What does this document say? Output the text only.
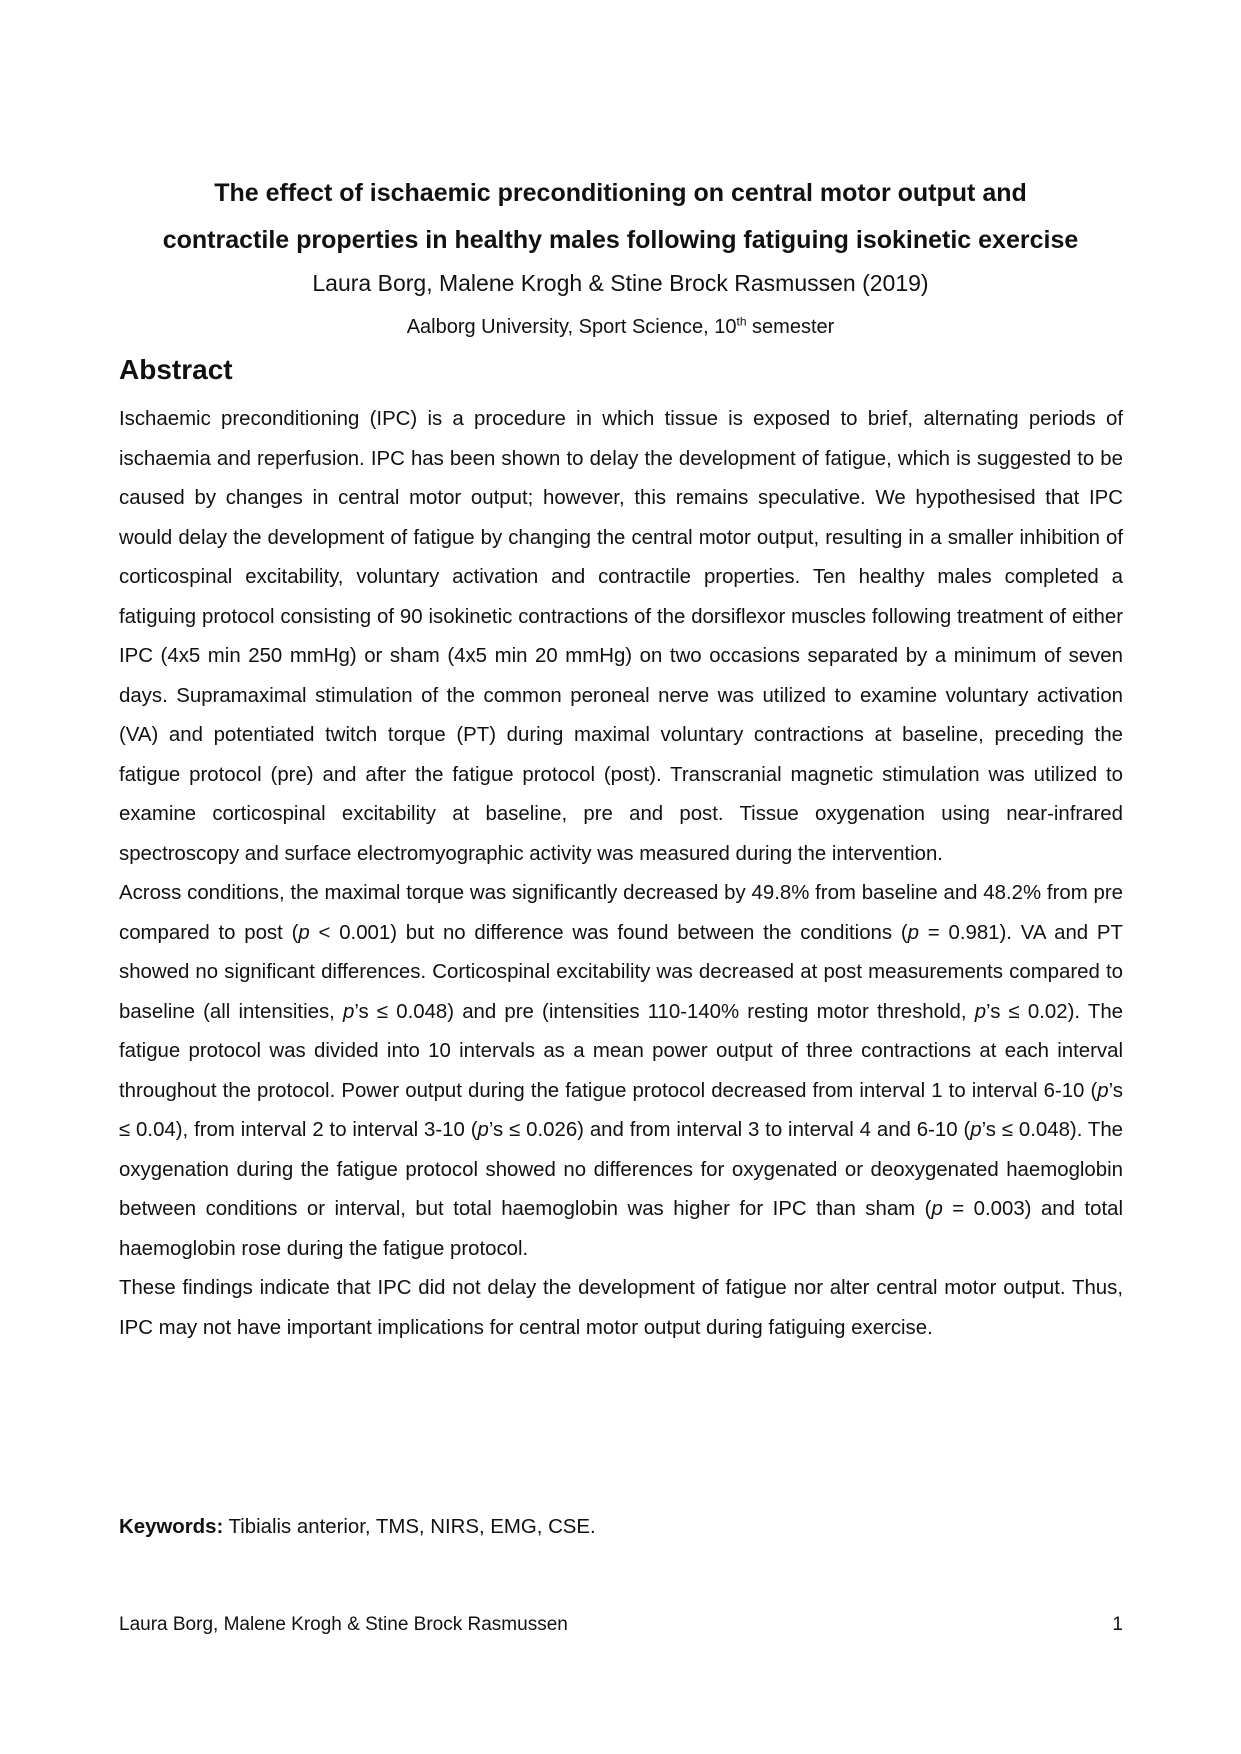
The effect of ischaemic preconditioning on central motor output and
contractile properties in healthy males following fatiguing isokinetic exercise
Laura Borg, Malene Krogh & Stine Brock Rasmussen (2019)
Aalborg University, Sport Science, 10th semester
Abstract

Ischaemic preconditioning (IPC) is a procedure in which tissue is exposed to brief, alternating periods of ischaemia and reperfusion. IPC has been shown to delay the development of fatigue, which is suggested to be caused by changes in central motor output; however, this remains speculative. We hypothesised that IPC would delay the development of fatigue by changing the central motor output, resulting in a smaller inhibition of corticospinal excitability, voluntary activation and contractile properties. Ten healthy males completed a fatiguing protocol consisting of 90 isokinetic contractions of the dorsiflexor muscles following treatment of either IPC (4x5 min 250 mmHg) or sham (4x5 min 20 mmHg) on two occasions separated by a minimum of seven days. Supramaximal stimulation of the common peroneal nerve was utilized to examine voluntary activation (VA) and potentiated twitch torque (PT) during maximal voluntary contractions at baseline, preceding the fatigue protocol (pre) and after the fatigue protocol (post). Transcranial magnetic stimulation was utilized to examine corticospinal excitability at baseline, pre and post. Tissue oxygenation using near-infrared spectroscopy and surface electromyographic activity was measured during the intervention.

Across conditions, the maximal torque was significantly decreased by 49.8% from baseline and 48.2% from pre compared to post (p < 0.001) but no difference was found between the conditions (p = 0.981). VA and PT showed no significant differences. Corticospinal excitability was decreased at post measurements compared to baseline (all intensities, p’s ≤ 0.048) and pre (intensities 110-140% resting motor threshold, p’s ≤ 0.02). The fatigue protocol was divided into 10 intervals as a mean power output of three contractions at each interval throughout the protocol. Power output during the fatigue protocol decreased from interval 1 to interval 6-10 (p’s ≤ 0.04), from interval 2 to interval 3-10 (p’s ≤ 0.026) and from interval 3 to interval 4 and 6-10 (p’s ≤ 0.048). The oxygenation during the fatigue protocol showed no differences for oxygenated or deoxygenated haemoglobin between conditions or interval, but total haemoglobin was higher for IPC than sham (p = 0.003) and total haemoglobin rose during the fatigue protocol.

These findings indicate that IPC did not delay the development of fatigue nor alter central motor output. Thus, IPC may not have important implications for central motor output during fatiguing exercise.

Keywords: Tibialis anterior, TMS, NIRS, EMG, CSE.
Laura Borg, Malene Krogh & Stine Brock Rasmussen	1
